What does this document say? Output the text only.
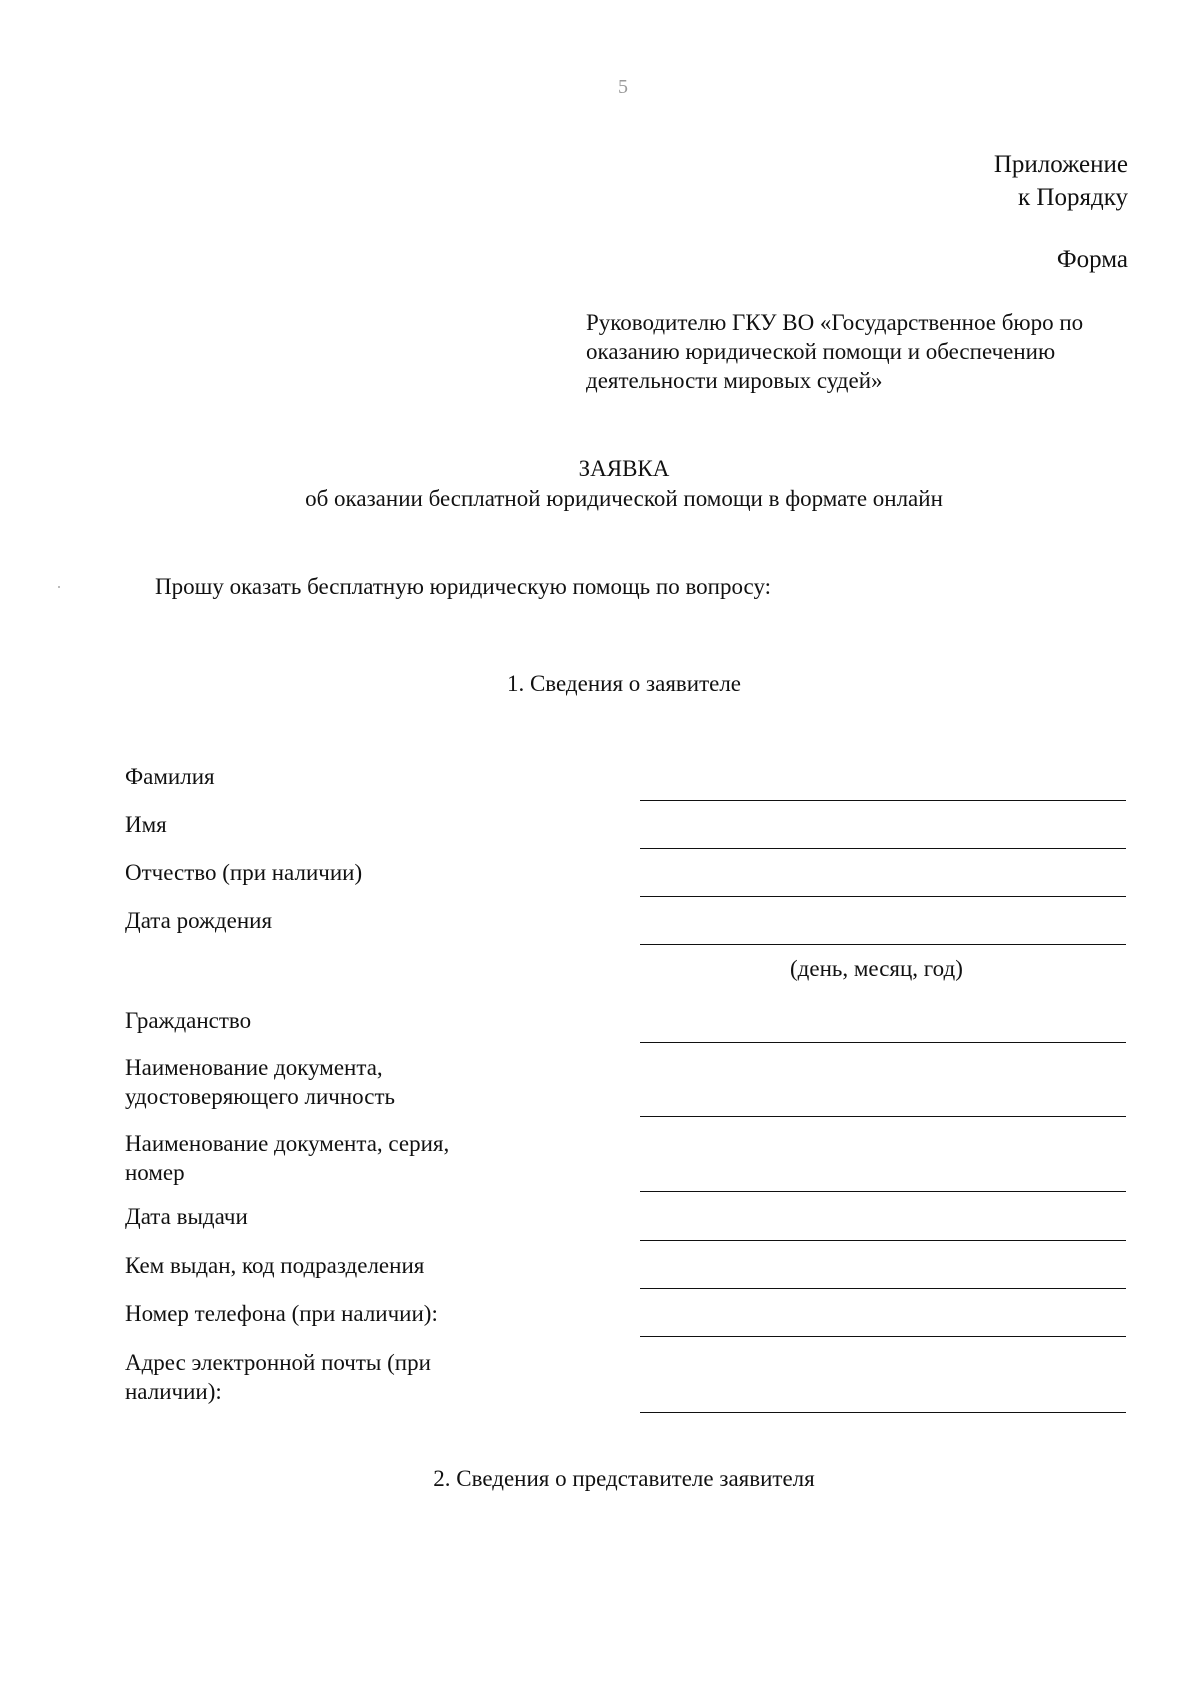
5
Приложение
к Порядку
Форма
Руководителю ГКУ ВО «Государственное бюро по оказанию юридической помощи и обеспечению деятельности мировых судей»
ЗАЯВКА
об оказании бесплатной юридической помощи в формате онлайн
Прошу оказать бесплатную юридическую помощь по вопросу:
1. Сведения о заявителе
Фамилия
Имя
Отчество (при наличии)
Дата рождения
(день, месяц, год)
Гражданство
Наименование документа, удостоверяющего личность
Наименование документа, серия, номер
Дата выдачи
Кем выдан, код подразделения
Номер телефона (при наличии):
Адрес электронной почты (при наличии):
2. Сведения о представителе заявителя
